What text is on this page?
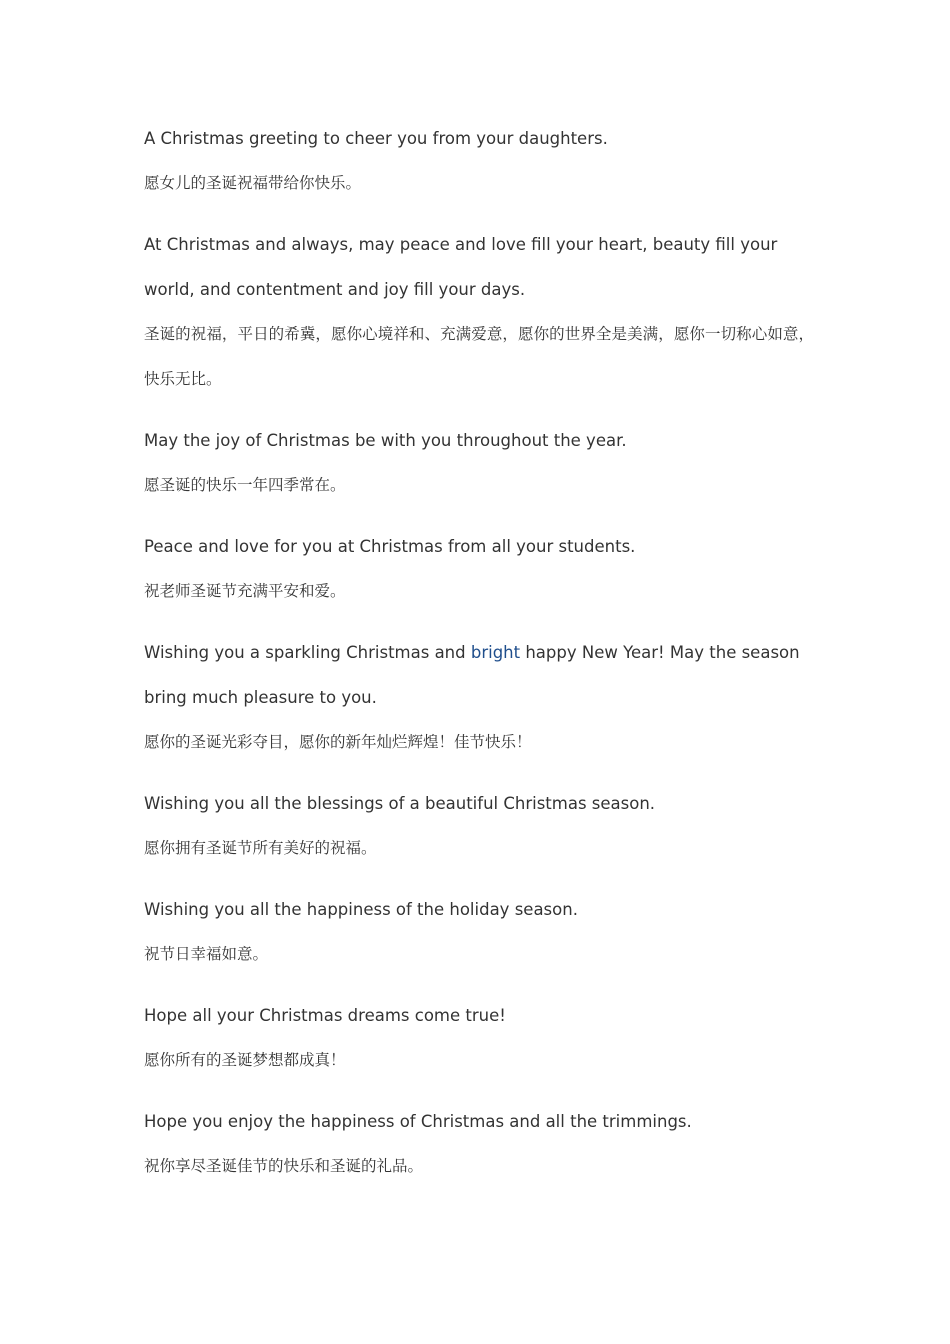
A Christmas greeting to cheer you from your daughters.

愿女儿的圣诞祝福带给你快乐。

At Christmas and always, may peace and love fill your heart, beauty fill your world, and contentment and joy fill your days.

圣诞的祝福，平日的希冀，愿你心境祥和、充满爱意，愿你的世界全是美满，愿你一切称心如意，快乐无比。

May the joy of Christmas be with you throughout the year.

愿圣诞的快乐一年四季常在。

Peace and love for you at Christmas from all your students.

祝老师圣诞节充满平安和爱。

Wishing you a sparkling Christmas and bright happy New Year! May the season bring much pleasure to you.

愿你的圣诞光彩夺目，愿你的新年灿烂辉煌！佳节快乐！

Wishing you all the blessings of a beautiful Christmas season.

愿你拥有圣诞节所有美好的祝福。

Wishing you all the happiness of the holiday season.

祝节日幸福如意。

Hope all your Christmas dreams come true!

愿你所有的圣诞梦想都成真！

Hope you enjoy the happiness of Christmas and all the trimmings.

祝你享尽圣诞佳节的快乐和圣诞的礼品。
